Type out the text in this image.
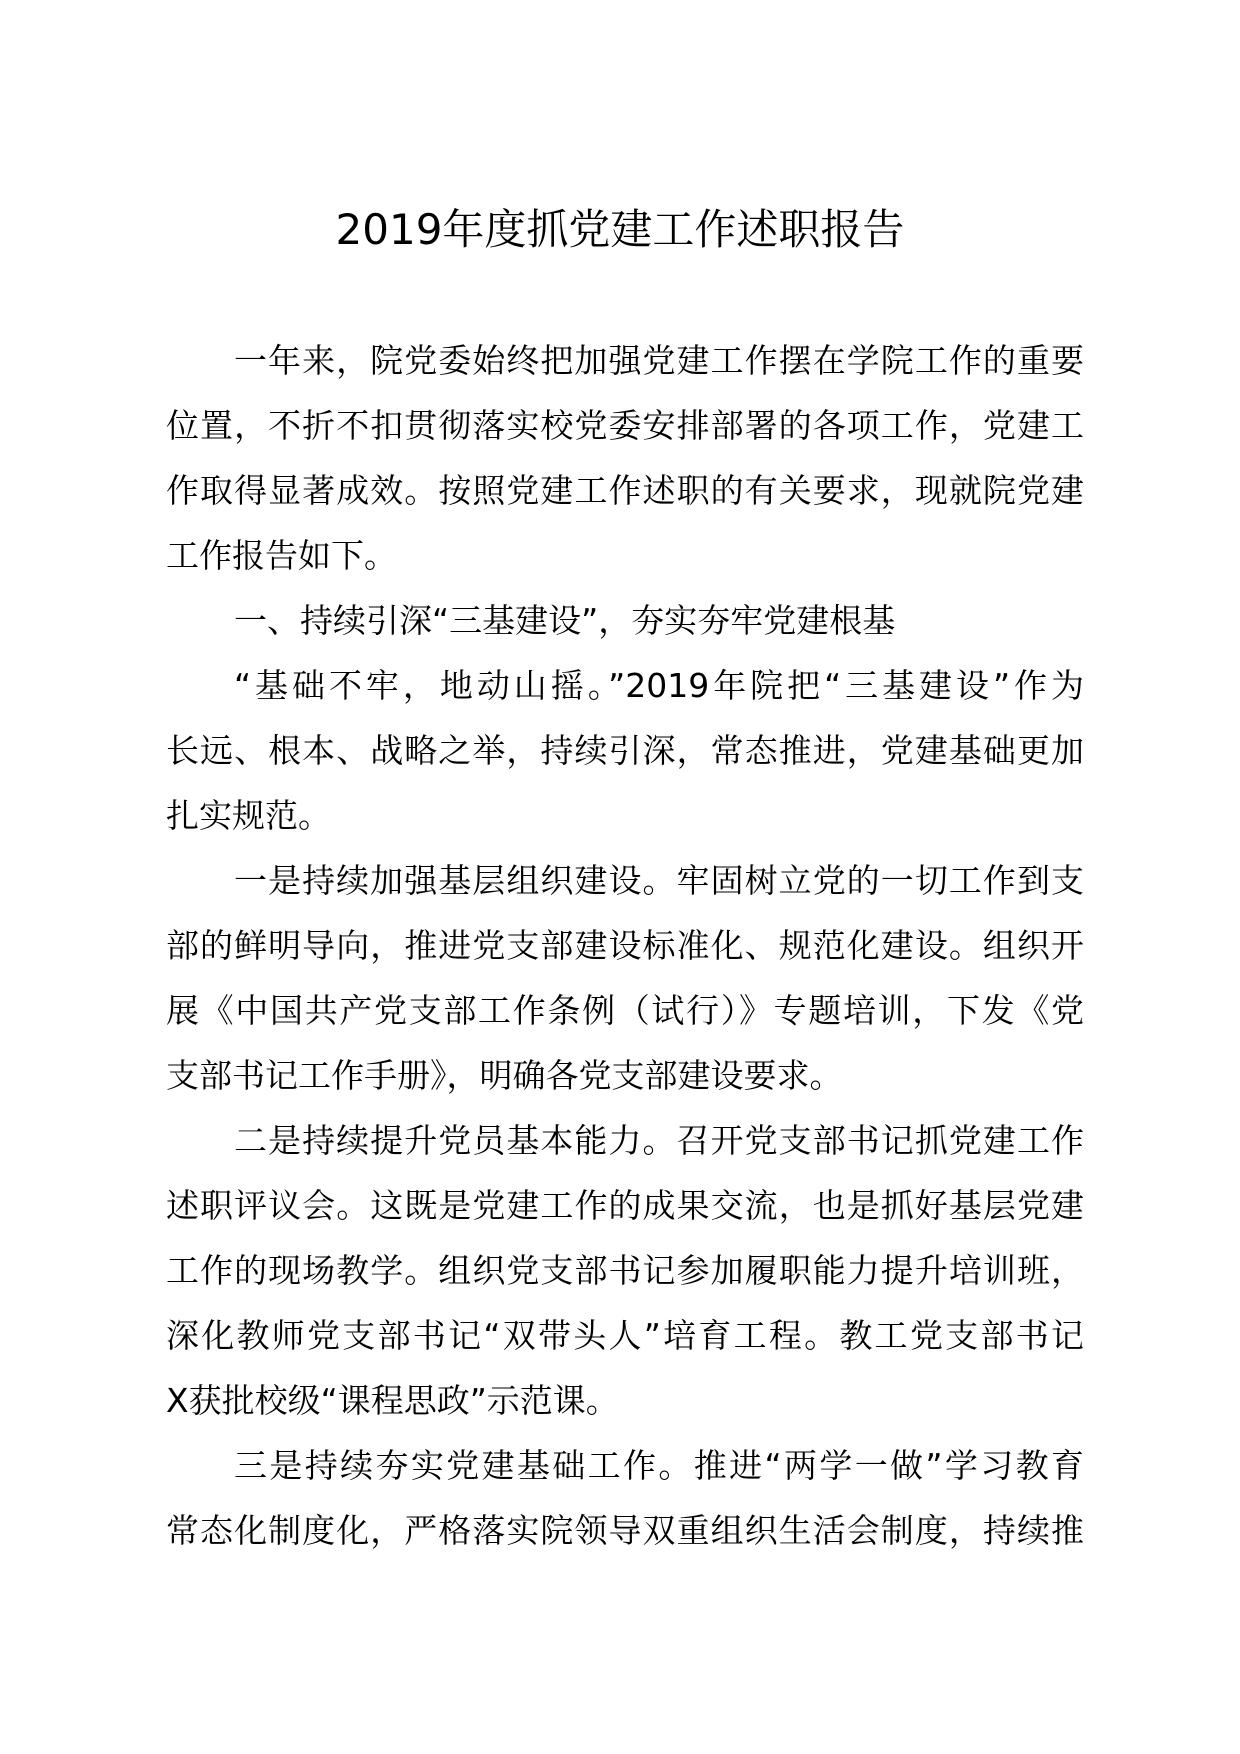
2019年度抓党建工作述职报告
一年来，院党委始终把加强党建工作摆在学院工作的重要
位置，不折不扣贯彻落实校党委安排部署的各项工作，党建工
作取得显著成效。按照党建工作述职的有关要求，现就院党建
工作报告如下。
一、持续引深“三基建设”，夯实夯牢党建根基
“基础不牢，地动山摇。”2019年院把“三基建设”作为
长远、根本、战略之举，持续引深，常态推进，党建基础更加
扎实规范。
一是持续加强基层组织建设。牢固树立党的一切工作到支
部的鲜明导向，推进党支部建设标准化、规范化建设。组织开
展《中国共产党支部工作条例（试行）》专题培训，下发《党
支部书记工作手册》，明确各党支部建设要求。
二是持续提升党员基本能力。召开党支部书记抓党建工作
述职评议会。这既是党建工作的成果交流，也是抓好基层党建
工作的现场教学。组织党支部书记参加履职能力提升培训班，
深化教师党支部书记“双带头人”培育工程。教工党支部书记
X获批校级“课程思政”示范课。
三是持续夯实党建基础工作。推进“两学一做”学习教育
常态化制度化，严格落实院领导双重组织生活会制度，持续推
